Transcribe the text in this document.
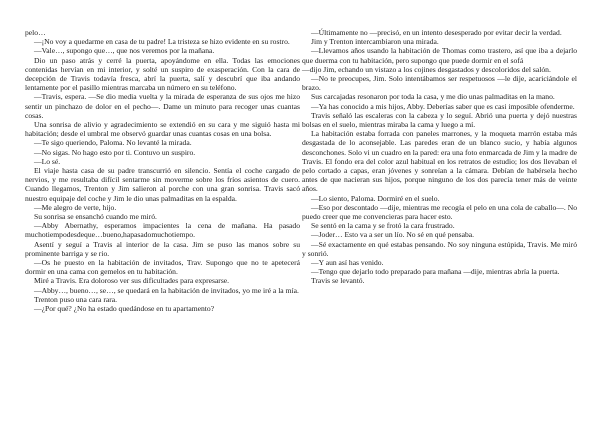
pelo…

—¡No voy a quedarme en casa de tu padre! La tristeza se hizo evidente en su rostro.

—Vale…, supongo que…, que nos veremos por la mañana.

Dio un paso atrás y cerré la puerta, apoyándome en ella. Todas las emociones contenidas hervían en mi interior, y solté un suspiro de exasperación. Con la cara de decepción de Travis todavía fresca, abrí la puerta, salí y descubrí que iba andando lentamente por el pasillo mientras marcaba un número en su teléfono.

—Travis, espera. —Se dio media vuelta y la mirada de esperanza de sus ojos me hizo sentir un pinchazo de dolor en el pecho—. Dame un minuto para recoger unas cuantas cosas.

Una sonrisa de alivio y agradecimiento se extendió en su cara y me siguió hasta mi habitación; desde el umbral me observó guardar unas cuantas cosas en una bolsa.

—Te sigo queriendo, Paloma. No levanté la mirada.

—No sigas. No hago esto por ti. Contuvo un suspiro.

—Lo sé.

El viaje hasta casa de su padre transcurrió en silencio. Sentía el coche cargado de nervios, y me resultaba difícil sentarme sin moverme sobre los fríos asientos de cuero. Cuando llegamos, Trenton y Jim salieron al porche con una gran sonrisa. Travis sacó nuestro equipaje del coche y Jim le dio unas palmaditas en la espalda.

—Me alegro de verte, hijo.

Su sonrisa se ensanchó cuando me miró.

—Abby Abernathy, esperamos impacientes la cena de mañana. Ha pasado muchotiempodesdeque…bueno,hapasadomuchotiempo.

Asentí y seguí a Travis al interior de la casa. Jim se puso las manos sobre su prominente barriga y se rio.

—Os he puesto en la habitación de invitados, Trav. Supongo que no te apetecerá dormir en una cama con gemelos en tu habitación.

Miré a Travis. Era doloroso ver sus dificultades para expresarse.

—Abby…, bueno…, se…, se quedará en la habitación de invitados, yo me iré a la mía.

Trenton puso una cara rara.

—¿Por qué? ¿No ha estado quedándose en tu apartamento?

—Últimamente no —precisó, en un intento desesperado por evitar decir la verdad.

Jim y Trenton intercambiaron una mirada.

—Llevamos años usando la habitación de Thomas como trastero, así que iba a dejarlo que duerma con tu habitación, pero supongo que puede dormir en el sofá

—dijo Jim, echando un vistazo a los cojines desgastados y descoloridos del salón.

—No te preocupes, Jim. Solo intentábamos ser respetuosos —le dije, acariciándole el brazo.

Sus carcajadas resonaron por toda la casa, y me dio unas palmaditas en la mano.

—Ya has conocido a mis hijos, Abby. Deberías saber que es casi imposible ofenderme.

Travis señaló las escaleras con la cabeza y lo seguí. Abrió una puerta y dejó nuestras bolsas en el suelo, mientras miraba la cama y luego a mí.

La habitación estaba forrada con paneles marrones, y la moqueta marrón estaba más desgastada de lo aconsejable. Las paredes eran de un blanco sucio, y había algunos desconchones. Solo vi un cuadro en la pared: era una foto enmarcada de Jim y la madre de Travis. El fondo era del color azul habitual en los retratos de estudio; los dos llevaban el pelo cortado a capas, eran jóvenes y sonreían a la cámara. Debían de habérsela hecho antes de que nacieran sus hijos, porque ninguno de los dos parecía tener más de veinte años.

—Lo siento, Paloma. Dormiré en el suelo.

—Eso por descontado —dije, mientras me recogía el pelo en una cola de caballo—. No puedo creer que me convencieras para hacer esto.

Se sentó en la cama y se frotó la cara frustrado.

—Joder… Esto va a ser un lío. No sé en qué pensaba.

—Sé exactamente en qué estabas pensando. No soy ninguna estúpida, Travis. Me miró y sonrió.

—Y aun así has venido.

—Tengo que dejarlo todo preparado para mañana —dije, mientras abría la puerta.

Travis se levantó.
